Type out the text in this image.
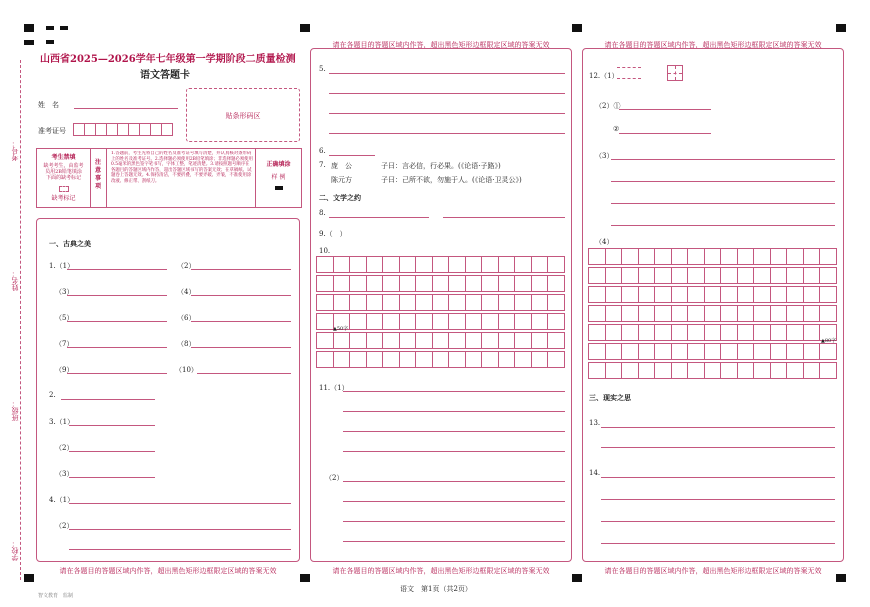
考号：
姓名：
班级：
学校：
山西省2025—2026学年七年级第一学期阶段二质量检测
语文答题卡
姓　名
准考证号
贴条形码区
考生禁填
缺考考生，由监考员用2B铅笔填涂下面的缺考标记
缺考标记
注意事项
1.答题前，考生先将自己的姓名及准考证号填写清楚，并认真核对条形码上的姓名及准考证号。2.选择题必须使用2B铅笔填涂；非选择题必须使用0.5毫米的黑色签字笔书写，字体工整，笔迹清楚。3.请按照题号顺序在各题目的答题区域内作答，超出答题区域书写的答案无效；在草稿纸、试题卷上答题无效。4.保持清洁，不要折叠，不要弄破、弄皱，不准使用涂改液、修正带、刮纸刀。
正确填涂
样 例
一、古典之美
1.（1）	（2）
（3）	（4）
（5）	（6）
（7）	（8）
（9）	（10）
2.
3.（1）
（2）
（3）
4.（1）
（2）
请在各题目的答题区域内作答，超出黑色矩形边框限定区域的答案无效
请在各题目的答题区域内作答，超出黑色矩形边框限定区域的答案无效
5.
6.
7. 庞　公	子曰：言必信，行必果。(《论语·子路》)
陈元方	子曰：己所不欲，勿施于人。(《论语·卫灵公》)
二、文学之约
8.
9.（　）
10.
▲50字
11.（1）
（2）
请在各题目的答题区域内作答，超出黑色矩形边框限定区域的答案无效
请在各题目的答题区域内作答，超出黑色矩形边框限定区域的答案无效
12.（1）
（2）①
②
（3）
（4）
▲80字
三、现实之思
13.
14.
请在各题目的答题区域内作答，超出黑色矩形边框限定区域的答案无效
语文　第1页（共2页）
智文教育　监制
